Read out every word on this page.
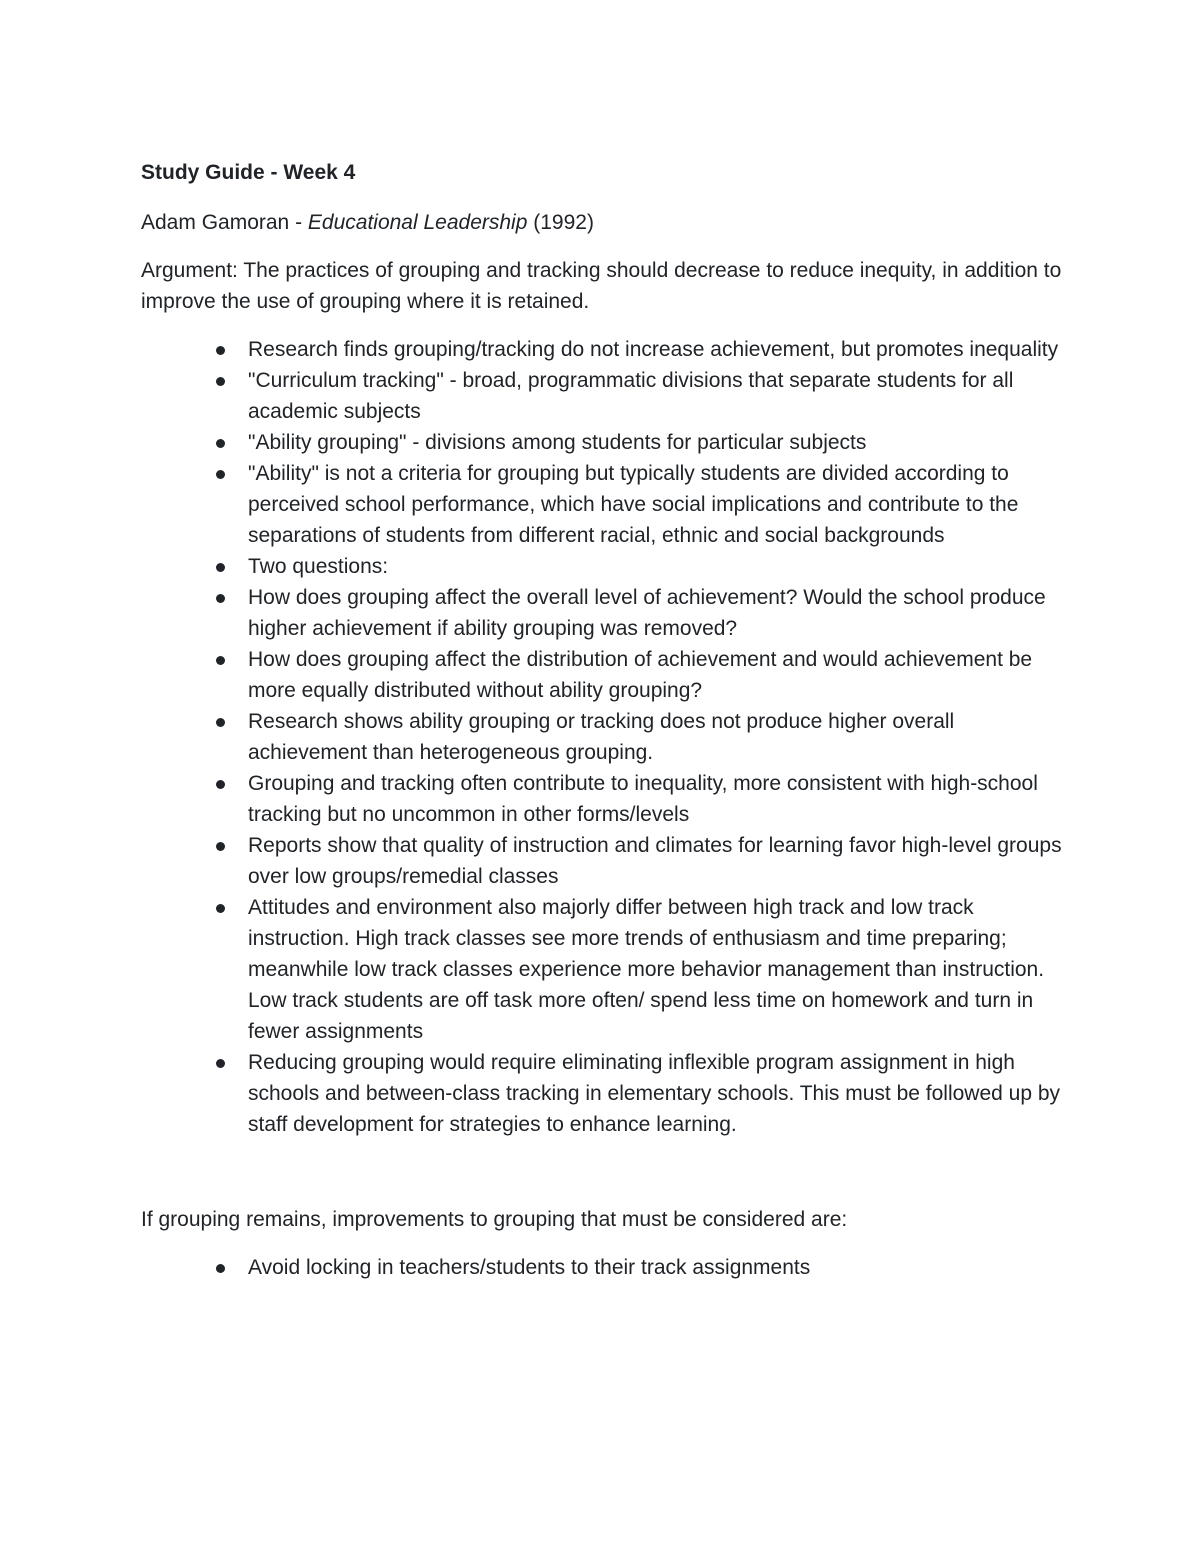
Study Guide - Week 4

Adam Gamoran - Educational Leadership (1992)

Argument: The practices of grouping and tracking should decrease to reduce inequity, in addition to improve the use of grouping where it is retained.

Research finds grouping/tracking do not increase achievement, but promotes inequality
"Curriculum tracking" - broad, programmatic divisions that separate students for all academic subjects
"Ability grouping" - divisions among students for particular subjects
"Ability" is not a criteria for grouping but typically students are divided according to perceived school performance, which have social implications and contribute to the separations of students from different racial, ethnic and social backgrounds
Two questions:
How does grouping affect the overall level of achievement? Would the school produce higher achievement if ability grouping was removed?
How does grouping affect the distribution of achievement and would achievement be more equally distributed without ability grouping?
Research shows ability grouping or tracking does not produce higher overall achievement than heterogeneous grouping.
Grouping and tracking often contribute to inequality, more consistent with high-school tracking but no uncommon in other forms/levels
Reports show that quality of instruction and climates for learning favor high-level groups over low groups/remedial classes
Attitudes and environment also majorly differ between high track and low track instruction. High track classes see more trends of enthusiasm and time preparing; meanwhile low track classes experience more behavior management than instruction. Low track students are off task more often/ spend less time on homework and turn in fewer assignments
Reducing grouping would require eliminating inflexible program assignment in high schools and between-class tracking in elementary schools. This must be followed up by staff development for strategies to enhance learning.

If grouping remains, improvements to grouping that must be considered are:

Avoid locking in teachers/students to their track assignments
